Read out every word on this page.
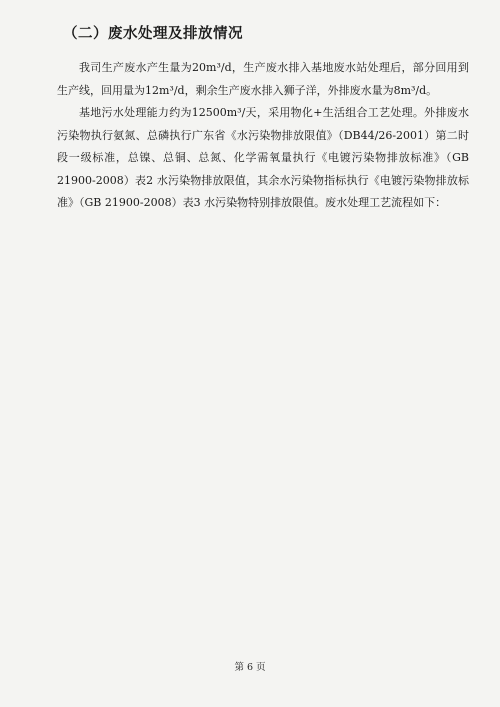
（二）废水处理及排放情况

我司生产废水产生量为20m³/d，生产废水排入基地废水站处理后，部分回用到生产线，回用量为12m³/d，剩余生产废水排入狮子洋，外排废水量为8m³/d。

基地污水处理能力约为12500m³/天，采用物化+生活组合工艺处理。外排废水污染物执行氨氮、总磷执行广东省《水污染物排放限值》（DB44/26-2001）第二时段一级标准，总镍、总铜、总氮、化学需氧量执行《电镀污染物排放标准》（GB 21900-2008）表2 水污染物排放限值，其余水污染物指标执行《电镀污染物排放标准》（GB 21900-2008）表3 水污染物特别排放限值。废水处理工艺流程如下：

第 6 页
